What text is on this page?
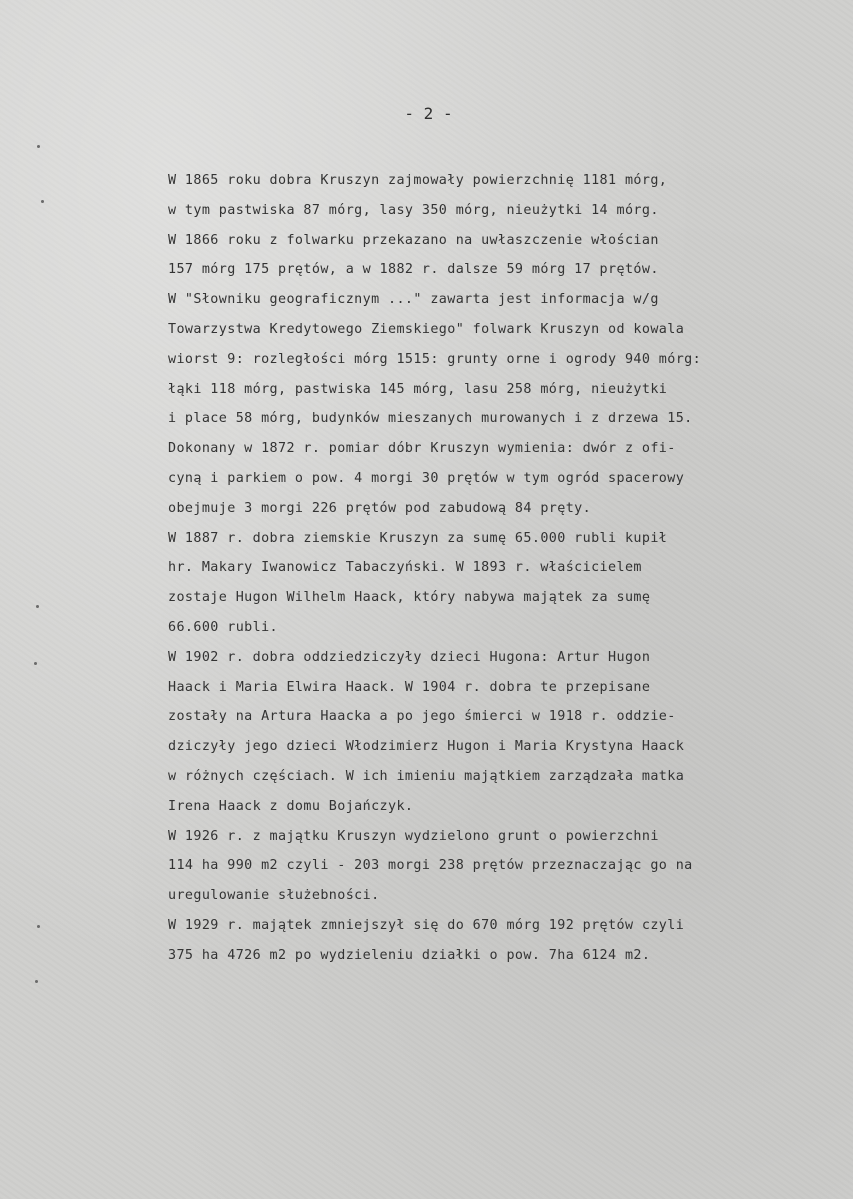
- 2 -
W 1865 roku dobra Kruszyn zajmowały powierzchnię 1181 mórg,
w tym pastwiska 87 mórg, lasy 350 mórg, nieużytki 14 mórg.
W 1866 roku z folwarku przekazano na uwłaszczenie włościan
157 mórg 175 prętów, a w 1882 r. dalsze 59 mórg 17 prętów.
W "Słowniku geograficznym ..." zawarta jest informacja w/g
Towarzystwa Kredytowego Ziemskiego" folwark Kruszyn od kowala
wiorst 9: rozległości mórg 1515: grunty orne i ogrody 940 mórg:
łąki 118 mórg, pastwiska 145 mórg, lasu 258 mórg, nieużytki
i place 58 mórg, budynków mieszanych murowanych i z drzewa 15.
Dokonany w 1872 r. pomiar dóbr Kruszyn wymienia: dwór z ofi-
cyną i parkiem o pow. 4 morgi 30 prętów w tym ogród spacerowy
obejmuje 3 morgi 226 prętów pod zabudową 84 pręty.
W 1887 r. dobra ziemskie Kruszyn za sumę 65.000 rubli kupił
hr. Makary Iwanowicz Tabaczyński. W 1893 r. właścicielem
zostaje Hugon Wilhelm Haack, który nabywa majątek za sumę
66.600 rubli.
W 1902 r. dobra oddziedziczyły dzieci Hugona: Artur Hugon
Haack i Maria Elwira Haack. W 1904 r. dobra te przepisane
zostały na Artura Haacka a po jego śmierci w 1918 r. oddzie-
dziczyły jego dzieci Włodzimierz Hugon i Maria Krystyna Haack
w różnych częściach. W ich imieniu majątkiem zarządzała matka
Irena Haack z domu Bojańczyk.
W 1926 r. z majątku Kruszyn wydzielono grunt o powierzchni
114 ha 990 m2 czyli - 203 morgi 238 prętów przeznaczając go na
uregulowanie służebności.
W 1929 r. majątek zmniejszył się do 670 mórg 192 prętów czyli
375 ha 4726 m2 po wydzieleniu działki o pow. 7ha 6124 m2.
